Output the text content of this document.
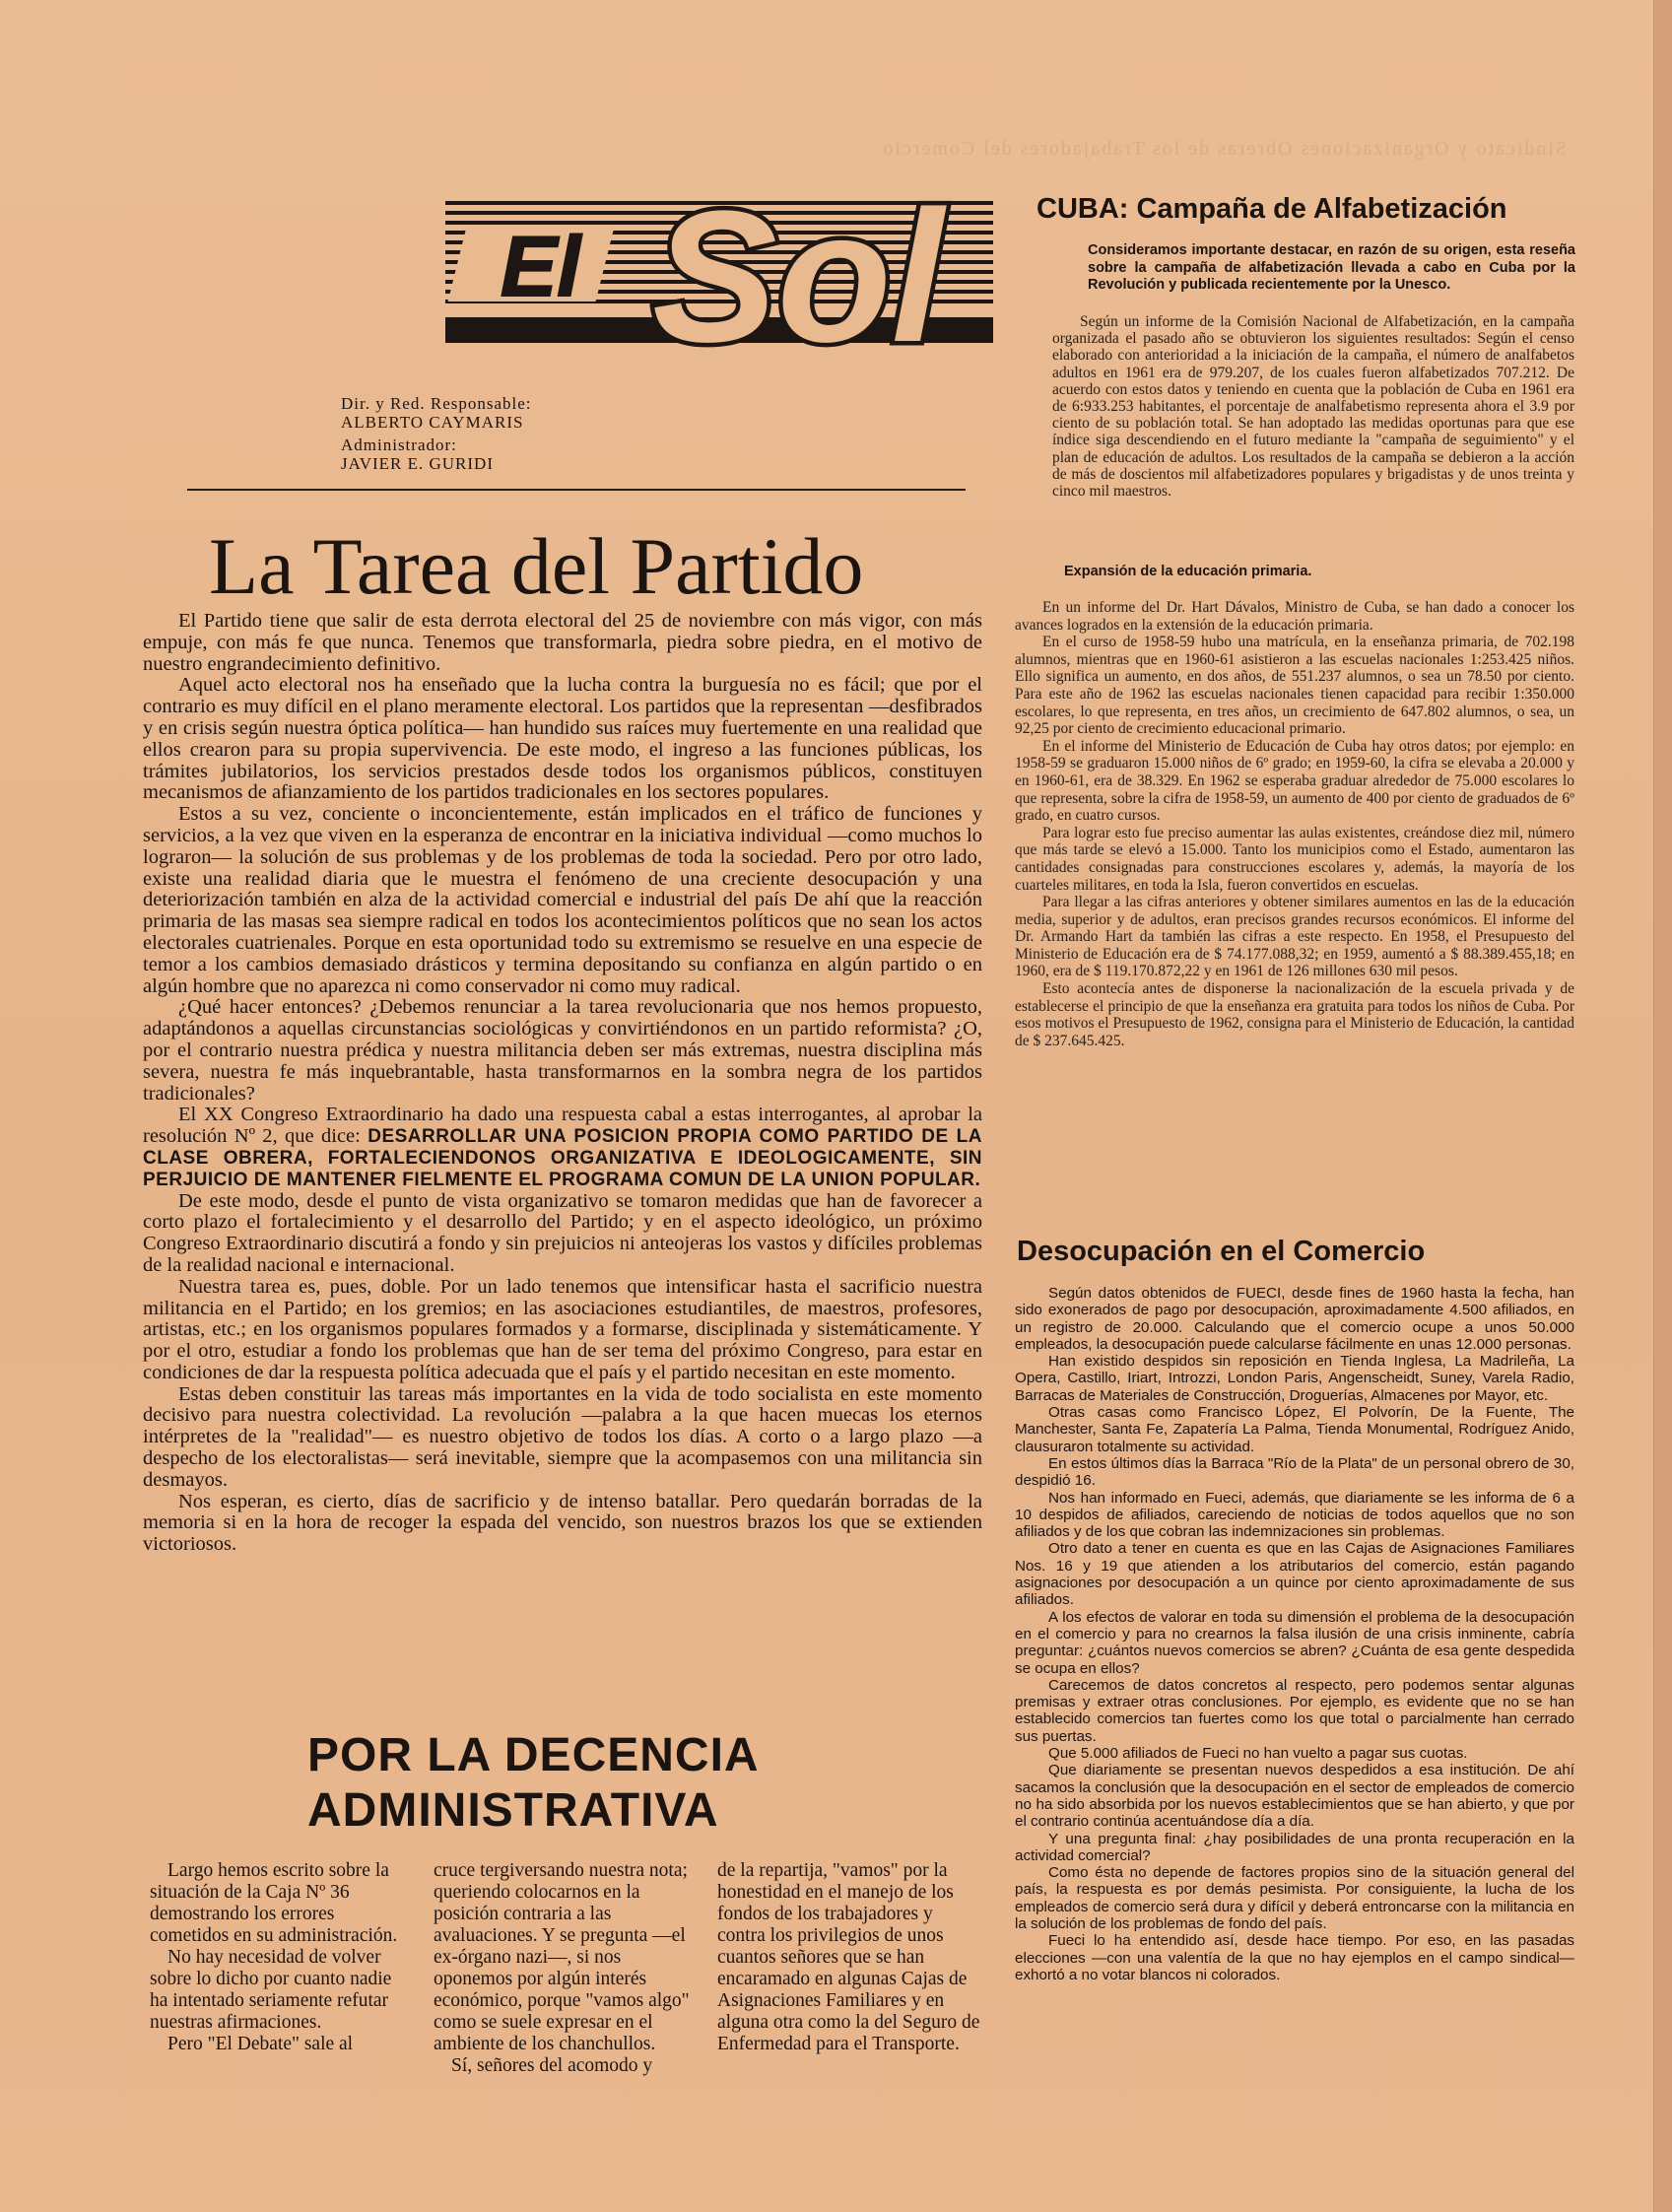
Sindicato y Organizaciones Obreras de los Trabajadores del Comercio
El Sol
Dir. y Red. Responsable:
ALBERTO CAYMARIS
Administrador:
JAVIER E. GURIDI
La Tarea del Partido

El Partido tiene que salir de esta derrota electoral del 25 de noviembre con más vigor, con más empuje, con más fe que nunca. Tenemos que transformarla, piedra sobre piedra, en el motivo de nuestro engrandecimiento definitivo.

Aquel acto electoral nos ha enseñado que la lucha contra la burguesía no es fácil; que por el contrario es muy difícil en el plano meramente electoral. Los partidos que la representan —desfibrados y en crisis según nuestra óptica política— han hundido sus raíces muy fuertemente en una realidad que ellos crearon para su propia supervivencia. De este modo, el ingreso a las funciones públicas, los trámites jubilatorios, los servicios prestados desde todos los organismos públicos, constituyen mecanismos de afianzamiento de los partidos tradicionales en los sectores populares.

Estos a su vez, conciente o inconcientemente, están implicados en el tráfico de funciones y servicios, a la vez que viven en la esperanza de encontrar en la iniciativa individual —como muchos lo lograron— la solución de sus problemas y de los problemas de toda la sociedad. Pero por otro lado, existe una realidad diaria que le muestra el fenómeno de una creciente desocupación y una deteriorización también en alza de la actividad comercial e industrial del país De ahí que la reacción primaria de las masas sea siempre radical en todos los acontecimientos políticos que no sean los actos electorales cuatrienales. Porque en esta oportunidad todo su extremismo se resuelve en una especie de temor a los cambios demasiado drásticos y termina depositando su confianza en algún partido o en algún hombre que no aparezca ni como conservador ni como muy radical.

¿Qué hacer entonces? ¿Debemos renunciar a la tarea revolucionaria que nos hemos propuesto, adaptándonos a aquellas circunstancias sociológicas y convirtiéndonos en un partido reformista? ¿O, por el contrario nuestra prédica y nuestra militancia deben ser más extremas, nuestra disciplina más severa, nuestra fe más inquebrantable, hasta transformarnos en la sombra negra de los partidos tradicionales?

El XX Congreso Extraordinario ha dado una respuesta cabal a estas interrogantes, al aprobar la resolución Nº 2, que dice: DESARROLLAR UNA POSICION PROPIA COMO PARTIDO DE LA CLASE OBRERA, FORTALECIENDONOS ORGANIZATIVA E IDEOLOGICAMENTE, SIN PERJUICIO DE MANTENER FIELMENTE EL PROGRAMA COMUN DE LA UNION POPULAR.

De este modo, desde el punto de vista organizativo se tomaron medidas que han de favorecer a corto plazo el fortalecimiento y el desarrollo del Partido; y en el aspecto ideológico, un próximo Congreso Extraordinario discutirá a fondo y sin prejuicios ni anteojeras los vastos y difíciles problemas de la realidad nacional e internacional.

Nuestra tarea es, pues, doble. Por un lado tenemos que intensificar hasta el sacrificio nuestra militancia en el Partido; en los gremios; en las asociaciones estudiantiles, de maestros, profesores, artistas, etc.; en los organismos populares formados y a formarse, disciplinada y sistemáticamente. Y por el otro, estudiar a fondo los problemas que han de ser tema del próximo Congreso, para estar en condiciones de dar la respuesta política adecuada que el país y el partido necesitan en este momento.

Estas deben constituir las tareas más importantes en la vida de todo socialista en este momento decisivo para nuestra colectividad. La revolución —palabra a la que hacen muecas los eternos intérpretes de la "realidad"— es nuestro objetivo de todos los días. A corto o a largo plazo —a despecho de los electoralistas— será inevitable, siempre que la acompasemos con una militancia sin desmayos.

Nos esperan, es cierto, días de sacrificio y de intenso batallar. Pero quedarán borradas de la memoria si en la hora de recoger la espada del vencido, son nuestros brazos los que se extienden victoriosos.

POR LA DECENCIA
ADMINISTRATIVA

Largo hemos escrito sobre la situación de la Caja Nº 36 demostrando los errores cometidos en su administración.

No hay necesidad de volver sobre lo dicho por cuanto nadie ha intentado seriamente refutar nuestras afirmaciones.

Pero "El Debate" sale al

cruce tergiversando nuestra nota; queriendo colocarnos en la posición contraria a las avaluaciones. Y se pregunta —el ex-órgano nazi—, si nos oponemos por algún interés económico, porque "vamos algo" como se suele expresar en el ambiente de los chanchullos.

Sí, señores del acomodo y

de la repartija, "vamos" por la honestidad en el manejo de los fondos de los trabajadores y contra los privilegios de unos cuantos señores que se han encaramado en algunas Cajas de Asignaciones Familiares y en alguna otra como la del Seguro de Enfermedad para el Transporte.

CUBA: Campaña de Alfabetización

Consideramos importante destacar, en razón de su origen, esta reseña sobre la campaña de alfabetización llevada a cabo en Cuba por la Revolución y publicada recientemente por la Unesco.

Según un informe de la Comisión Nacional de Alfabetización, en la campaña organizada el pasado año se obtuvieron los siguientes resultados: Según el censo elaborado con anterioridad a la iniciación de la campaña, el número de analfabetos adultos en 1961 era de 979.207, de los cuales fueron alfabetizados 707.212. De acuerdo con estos datos y teniendo en cuenta que la población de Cuba en 1961 era de 6:933.253 habitantes, el porcentaje de analfabetismo representa ahora el 3.9 por ciento de su población total. Se han adoptado las medidas oportunas para que ese índice siga descendiendo en el futuro mediante la "campaña de seguimiento" y el plan de educación de adultos. Los resultados de la campaña se debieron a la acción de más de doscientos mil alfabetizadores populares y brigadistas y de unos treinta y cinco mil maestros.

Expansión de la educación primaria.

En un informe del Dr. Hart Dávalos, Ministro de Cuba, se han dado a conocer los avances logrados en la extensión de la educación primaria.

En el curso de 1958-59 hubo una matrícula, en la enseñanza primaria, de 702.198 alumnos, mientras que en 1960-61 asistieron a las escuelas nacionales 1:253.425 niños. Ello significa un aumento, en dos años, de 551.237 alumnos, o sea un 78.50 por ciento. Para este año de 1962 las escuelas nacionales tienen capacidad para recibir 1:350.000 escolares, lo que representa, en tres años, un crecimiento de 647.802 alumnos, o sea, un 92,25 por ciento de crecimiento educacional primario.

En el informe del Ministerio de Educación de Cuba hay otros datos; por ejemplo: en 1958-59 se graduaron 15.000 niños de 6º grado; en 1959-60, la cifra se elevaba a 20.000 y en 1960-61, era de 38.329. En 1962 se esperaba graduar alrededor de 75.000 escolares lo que representa, sobre la cifra de 1958-59, un aumento de 400 por ciento de graduados de 6º grado, en cuatro cursos.

Para lograr esto fue preciso aumentar las aulas existentes, creándose diez mil, número que más tarde se elevó a 15.000. Tanto los municipios como el Estado, aumentaron las cantidades consignadas para construcciones escolares y, además, la mayoría de los cuarteles militares, en toda la Isla, fueron convertidos en escuelas.

Para llegar a las cifras anteriores y obtener similares aumentos en las de la educación media, superior y de adultos, eran precisos grandes recursos económicos. El informe del Dr. Armando Hart da también las cifras a este respecto. En 1958, el Presupuesto del Ministerio de Educación era de $ 74.177.088,32; en 1959, aumentó a $ 88.389.455,18; en 1960, era de $ 119.170.872,22 y en 1961 de 126 millones 630 mil pesos.

Esto acontecía antes de disponerse la nacionalización de la escuela privada y de establecerse el principio de que la enseñanza era gratuita para todos los niños de Cuba. Por esos motivos el Presupuesto de 1962, consigna para el Ministerio de Educación, la cantidad de $ 237.645.425.

Desocupación en el Comercio

Según datos obtenidos de FUECI, desde fines de 1960 hasta la fecha, han sido exonerados de pago por desocupación, aproximadamente 4.500 afiliados, en un registro de 20.000. Calculando que el comercio ocupe a unos 50.000 empleados, la desocupación puede calcularse fácilmente en unas 12.000 personas.

Han existido despidos sin reposición en Tienda Inglesa, La Madrileña, La Opera, Castillo, Iriart, Introzzi, London Paris, Angenscheidt, Suney, Varela Radio, Barracas de Materiales de Construcción, Droguerías, Almacenes por Mayor, etc.

Otras casas como Francisco López, El Polvorín, De la Fuente, The Manchester, Santa Fe, Zapatería La Palma, Tienda Monumental, Rodríguez Anido, clausuraron totalmente su actividad.

En estos últimos días la Barraca "Río de la Plata" de un personal obrero de 30, despidió 16.

Nos han informado en Fueci, además, que diariamente se les informa de 6 a 10 despidos de afiliados, careciendo de noticias de todos aquellos que no son afiliados y de los que cobran las indemnizaciones sin problemas.

Otro dato a tener en cuenta es que en las Cajas de Asignaciones Familiares Nos. 16 y 19 que atienden a los atributarios del comercio, están pagando asignaciones por desocupación a un quince por ciento aproximadamente de sus afiliados.

A los efectos de valorar en toda su dimensión el problema de la desocupación en el comercio y para no crearnos la falsa ilusión de una crisis inminente, cabría preguntar: ¿cuántos nuevos comercios se abren? ¿Cuánta de esa gente despedida se ocupa en ellos?

Carecemos de datos concretos al respecto, pero podemos sentar algunas premisas y extraer otras conclusiones. Por ejemplo, es evidente que no se han establecido comercios tan fuertes como los que total o parcialmente han cerrado sus puertas.

Que 5.000 afiliados de Fueci no han vuelto a pagar sus cuotas.

Que diariamente se presentan nuevos despedidos a esa institución. De ahí sacamos la conclusión que la desocupación en el sector de empleados de comercio no ha sido absorbida por los nuevos establecimientos que se han abierto, y que por el contrario continúa acentuándose día a día.

Y una pregunta final: ¿hay posibilidades de una pronta recuperación en la actividad comercial?

Como ésta no depende de factores propios sino de la situación general del país, la respuesta es por demás pesimista. Por consiguiente, la lucha de los empleados de comercio será dura y difícil y deberá entroncarse con la militancia en la solución de los problemas de fondo del país.

Fueci lo ha entendido así, desde hace tiempo. Por eso, en las pasadas elecciones —con una valentía de la que no hay ejemplos en el campo sindical— exhortó a no votar blancos ni colorados.
